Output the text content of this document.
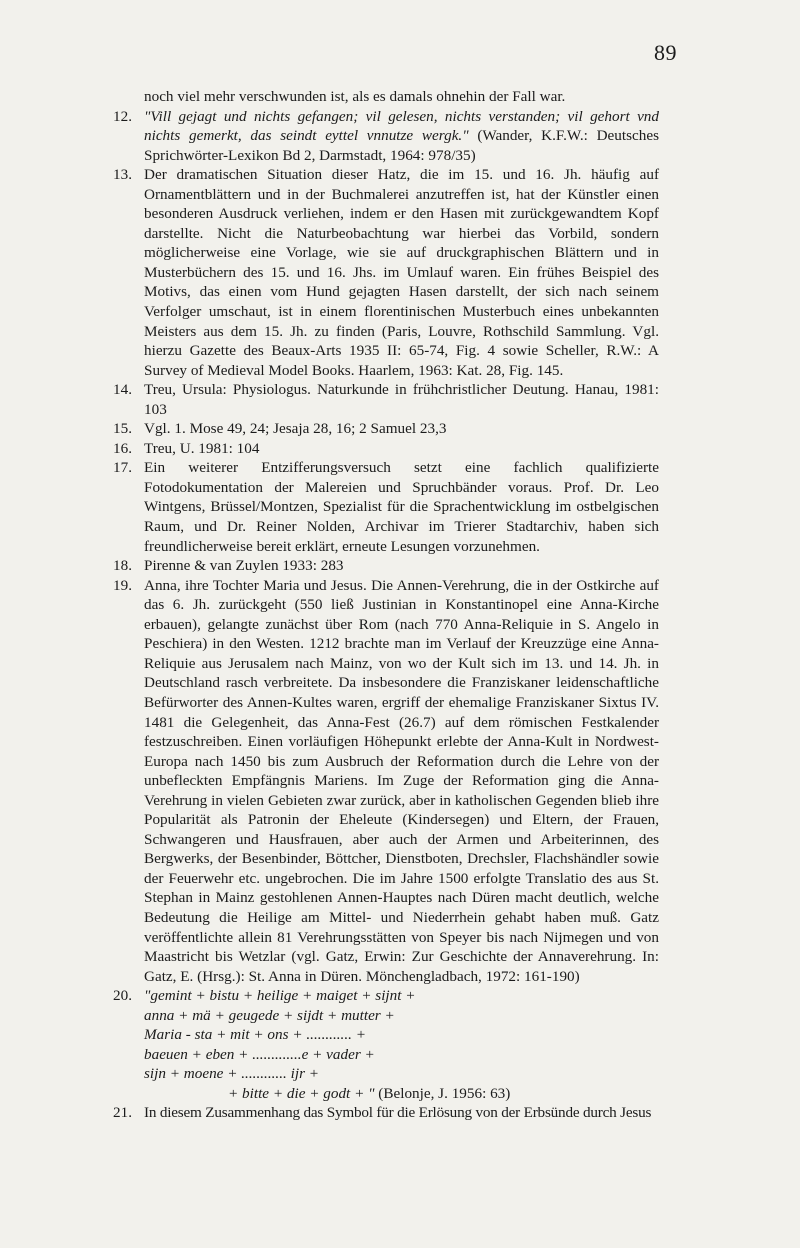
89
noch viel mehr verschwunden ist, als es damals ohnehin der Fall war.
12. "Vill gejagt und nichts gefangen; vil gelesen, nichts verstanden; vil gehort vnd nichts gemerkt, das seindt eyttel vnnutze wergk." (Wander, K.F.W.: Deutsches Sprichwörter-Lexikon Bd 2, Darmstadt, 1964: 978/35)
13. Der dramatischen Situation dieser Hatz, die im 15. und 16. Jh. häufig auf Ornamentblättern und in der Buchmalerei anzutreffen ist, hat der Künstler einen besonderen Ausdruck verliehen, indem er den Hasen mit zurückgewandtem Kopf darstellte. Nicht die Naturbeobachtung war hierbei das Vorbild, sondern möglicherweise eine Vorlage, wie sie auf druckgraphischen Blättern und in Musterbüchern des 15. und 16. Jhs. im Umlauf waren. Ein frühes Beispiel des Motivs, das einen vom Hund gejagten Hasen darstellt, der sich nach seinem Verfolger umschaut, ist in einem florentinischen Musterbuch eines unbekannten Meisters aus dem 15. Jh. zu finden (Paris, Louvre, Rothschild Sammlung. Vgl. hierzu Gazette des Beaux-Arts 1935 II: 65-74, Fig. 4 sowie Scheller, R.W.: A Survey of Medieval Model Books. Haarlem, 1963: Kat. 28, Fig. 145.
14. Treu, Ursula: Physiologus. Naturkunde in frühchristlicher Deutung. Hanau, 1981: 103
15. Vgl. 1. Mose 49, 24; Jesaja 28, 16; 2 Samuel 23,3
16. Treu, U. 1981: 104
17. Ein weiterer Entzifferungsversuch setzt eine fachlich qualifizierte Fotodokumentation der Malereien und Spruchbänder voraus. Prof. Dr. Leo Wintgens, Brüssel/Montzen, Spezialist für die Sprachentwicklung im ostbelgischen Raum, und Dr. Reiner Nolden, Archivar im Trierer Stadtarchiv, haben sich freundlicherweise bereit erklärt, erneute Lesungen vorzunehmen.
18. Pirenne & van Zuylen 1933: 283
19. Anna, ihre Tochter Maria und Jesus. Die Annen-Verehrung, die in der Ostkirche auf das 6. Jh. zurückgeht (550 ließ Justinian in Konstantinopel eine Anna-Kirche erbauen), gelangte zunächst über Rom (nach 770 Anna-Reliquie in S. Angelo in Peschiera) in den Westen. 1212 brachte man im Verlauf der Kreuzzüge eine Anna-Reliquie aus Jerusalem nach Mainz, von wo der Kult sich im 13. und 14. Jh. in Deutschland rasch verbreitete. Da insbesondere die Franziskaner leidenschaftliche Befürworter des Annen-Kultes waren, ergriff der ehemalige Franziskaner Sixtus IV. 1481 die Gelegenheit, das Anna-Fest (26.7) auf dem römischen Festkalender festzuschreiben. Einen vorläufigen Höhepunkt erlebte der Anna-Kult in Nordwest-Europa nach 1450 bis zum Ausbruch der Reformation durch die Lehre von der unbefleckten Empfängnis Mariens. Im Zuge der Reformation ging die Anna-Verehrung in vielen Gebieten zwar zurück, aber in katholischen Gegenden blieb ihre Popularität als Patronin der Eheleute (Kindersegen) und Eltern, der Frauen, Schwangeren und Hausfrauen, aber auch der Armen und Arbeiterinnen, des Bergwerks, der Besenbinder, Böttcher, Dienstboten, Drechsler, Flachshändler sowie der Feuerwehr etc. ungebrochen. Die im Jahre 1500 erfolgte Translatio des aus St. Stephan in Mainz gestohlenen Annen-Hauptes nach Düren macht deutlich, welche Bedeutung die Heilige am Mittel- und Niederrhein gehabt haben muß. Gatz veröffentlichte allein 81 Verehrungsstätten von Speyer bis nach Nijmegen und von Maastricht bis Wetzlar (vgl. Gatz, Erwin: Zur Geschichte der Annaverehrung. In: Gatz, E. (Hrsg.): St. Anna in Düren. Mönchengladbach, 1972: 161-190)
20. "gemint + bistu + heilige + maiget + sijnt +
anna + mä + geugede + sijdt + mutter +
Maria - sta + mit + ons + ............ +
baeuen + eben + .............e + vader +
sijn + moene + ............ ijr +
+ bitte + die + godt + " (Belonje, J. 1956: 63)
21. In diesem Zusammenhang das Symbol für die Erlösung von der Erbsünde durch Jesus
